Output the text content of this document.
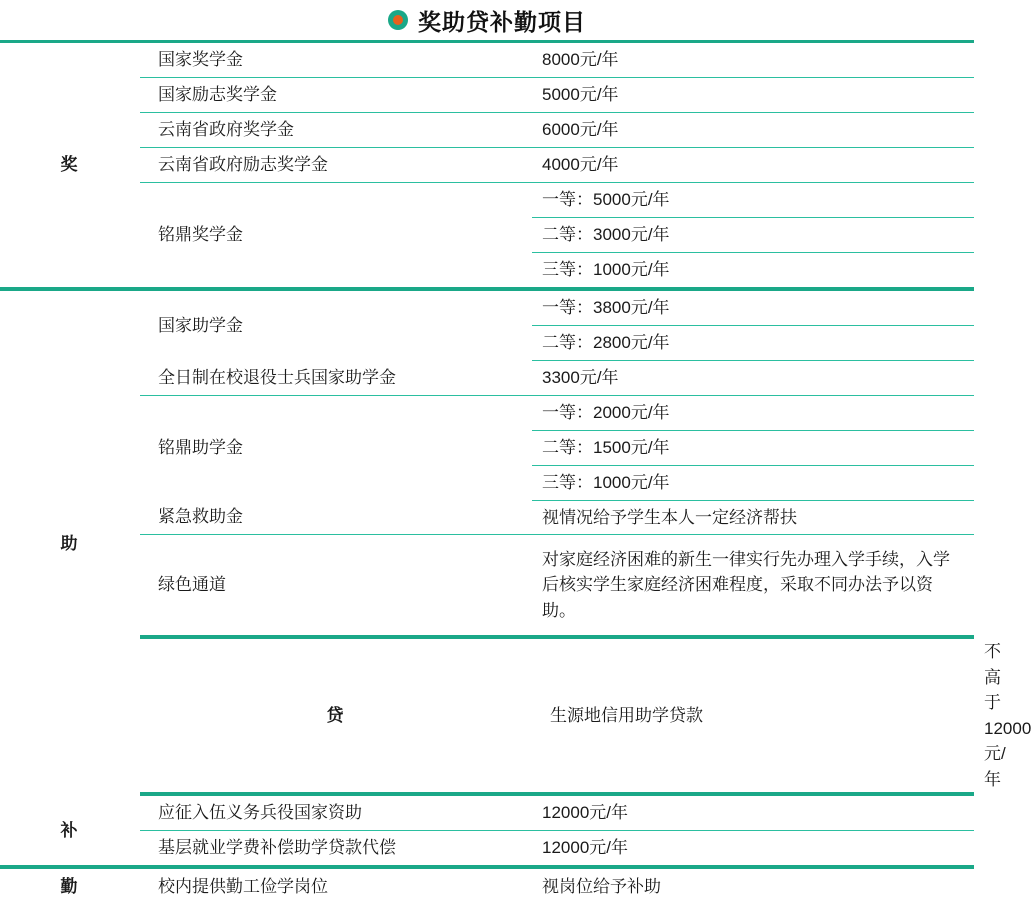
奖助贷补勤项目
奖	国家奖学金	8000元/年	
	国家励志奖学金	5000元/年	
	云南省政府奖学金	6000元/年	
	云南省政府励志奖学金	4000元/年	
	铭鼎奖学金	一等：5000元/年	
		二等：3000元/年	
		三等：1000元/年	

助	国家助学金	一等：3800元/年	
		二等：2800元/年	
	全日制在校退役士兵国家助学金	3300元/年	
	铭鼎助学金	一等：2000元/年	
		二等：1500元/年	
		三等：1000元/年	
	紧急救助金	视情况给予学生本人一定经济帮扶	
	绿色通道	对家庭经济困难的新生一律实行先办理入学手续，入学后核实学生家庭经济困难程度，采取不同办法予以资助。	

	贷	生源地信用助学贷款	不高于12000元/年

补	应征入伍义务兵役国家资助	12000元/年	
	基层就业学费补偿助学贷款代偿	12000元/年	

勤	校内提供勤工俭学岗位	视岗位给予补助	
